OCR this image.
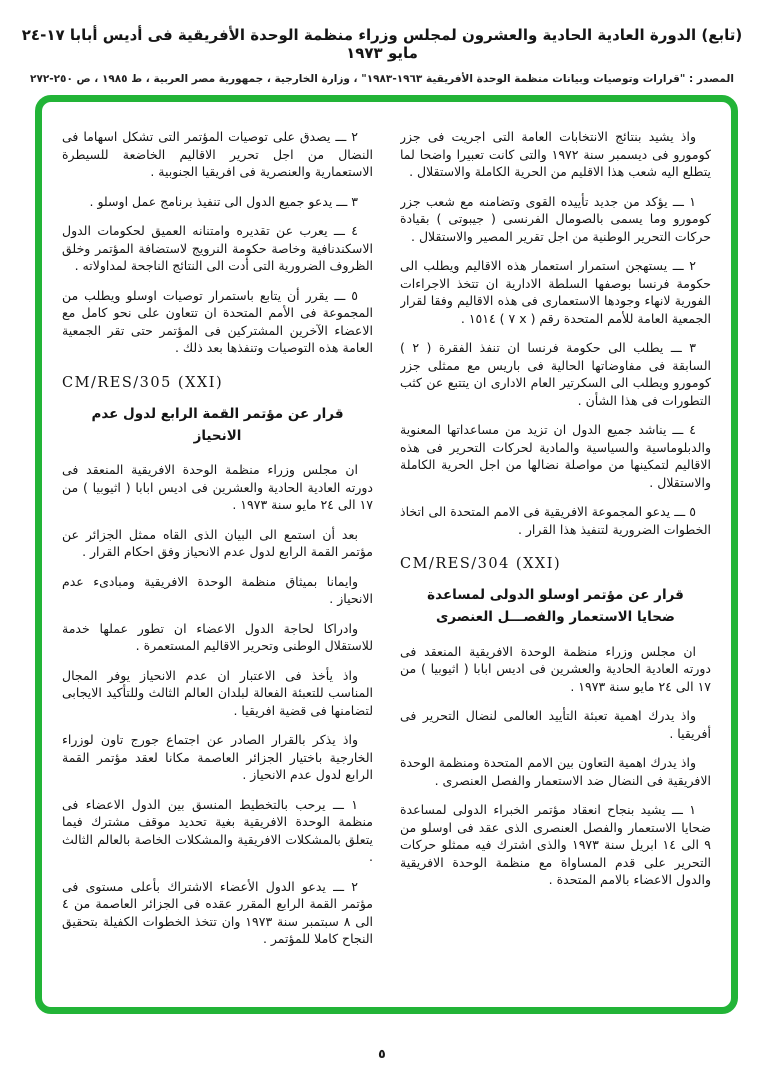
(تابع) الدورة العادية الحادية والعشرون لمجلس وزراء منظمة الوحدة الأفريقية فى أديس أبابا ١٧-٢٤ مايو ١٩٧٣
المصدر : "قرارات وتوصيات وبيانات منظمة الوحدة الأفريقية ١٩٦٣-١٩٨٣" ، وزارة الخارجية ، جمهورية مصر العربية ، ط ١٩٨٥ ، ص ٢٥٠-٢٧٢

واذ يشيد بنتائج الانتخابات العامة التى اجريت فى جزر كومورو فى ديسمبر سنة ١٩٧٢ والتى كانت تعبيرا واضحا لما يتطلع اليه شعب هذا الاقليم من الحرية الكاملة والاستقلال .

١ ـــ يؤكد من جديد تأييده القوى وتضامنه مع شعب جزر كومورو وما يسمى بالصومال الفرنسى ( جيبوتى ) بقيادة حركات التحرير الوطنية من اجل تقرير المصير والاستقلال .

٢ ـــ يستهجن استمرار استعمار هذه الاقاليم ويطلب الى حكومة فرنسا بوصفها السلطة الادارية ان تتخذ الاجراءات الفورية لانهاء وجودها الاستعمارى فى هذه الاقاليم وفقا لقرار الجمعية العامة للأمم المتحدة رقم ( x ٧ ) ١٥١٤ .

٣ ـــ يطلب الى حكومة فرنسا ان تنفذ الفقرة ( ٢ ) السابقة فى مفاوضاتها الحالية فى باريس مع ممثلى جزر كومورو ويطلب الى السكرتير العام الادارى ان يتتبع عن كثب التطورات فى هذا الشأن .

٤ ـــ يناشد جميع الدول ان تزيد من مساعداتها المعنوية والدبلوماسية والسياسية والمادية لحركات التحرير فى هذه الاقاليم لتمكينها من مواصلة نضالها من اجل الحرية الكاملة والاستقلال .

٥ ـــ يدعو المجموعة الافريقية فى الامم المتحدة الى اتخاذ الخطوات الضرورية لتنفيذ هذا القرار .

CM/RES/304 (XXI)

قرار عن مؤتمر اوسلو الدولى لمساعدة ضحايا الاستعمار والفصـــل العنصرى

ان مجلس وزراء منظمة الوحدة الافريقية المنعقد فى دورته العادية الحادية والعشرين فى اديس ابابا ( اثيوبيا ) من ١٧ الى ٢٤ مايو سنة ١٩٧٣ .

واذ يدرك اهمية تعبئة التأييد العالمى لنضال التحرير فى أفريقيا .

واذ يدرك اهمية التعاون بين الامم المتحدة ومنظمة الوحدة الافريقية فى النضال ضد الاستعمار والفصل العنصرى .

١ ـــ يشيد بنجاح انعقاد مؤتمر الخبراء الدولى لمساعدة ضحايا الاستعمار والفصل العنصرى الذى عقد فى اوسلو من ٩ الى ١٤ ابريل سنة ١٩٧٣ والذى اشترك فيه ممثلو حركات التحرير على قدم المساواة مع منظمة الوحدة الافريقية والدول الاعضاء بالامم المتحدة .

٢ ـــ يصدق على توصيات المؤتمر التى تشكل اسهاما فى النضال من اجل تحرير الاقاليم الخاضعة للسيطرة الاستعمارية والعنصرية فى افريقيا الجنوبية .

٣ ـــ يدعو جميع الدول الى تنفيذ برنامج عمل اوسلو .

٤ ـــ يعرب عن تقديره وامتنانه العميق لحكومات الدول الاسكندنافية وخاصة حكومة النرويج لاستضافة المؤتمر وخلق الظروف الضرورية التى أدت الى النتائج الناجحة لمداولاته .

٥ ـــ يقرر أن يتابع باستمرار توصيات اوسلو ويطلب من المجموعة فى الأمم المتحدة ان تتعاون على نحو كامل مع الاعضاء الآخرين المشتركين فى المؤتمر حتى تقر الجمعية العامة هذه التوصيات وتنفذها بعد ذلك .

CM/RES/305 (XXI)

قرار عن مؤتمر القمة الرابع لدول عدم الانحياز

ان مجلس وزراء منظمة الوحدة الافريقية المنعقد فى دورته العادية الحادية والعشرين فى اديس ابابا ( اثيوبيا ) من ١٧ الى ٢٤ مايو سنة ١٩٧٣ .

بعد أن استمع الى البيان الذى القاه ممثل الجزائر عن مؤتمر القمة الرابع لدول عدم الانحياز وفق احكام القرار .

وايمانا بميثاق منظمة الوحدة الافريقية ومبادىء عدم الانحياز .

وادراكا لحاجة الدول الاعضاء ان تطور عملها خدمة للاستقلال الوطنى وتحرير الاقاليم المستعمرة .

واذ يأخذ فى الاعتبار ان عدم الانحياز يوفر المجال المناسب للتعبئة الفعالة لبلدان العالم الثالث وللتأكيد الايجابى لتضامنها فى قضية افريقيا .

واذ يذكر بالقرار الصادر عن اجتماع جورج تاون لوزراء الخارجية باختيار الجزائر العاصمة مكانا لعقد مؤتمر القمة الرابع لدول عدم الانحياز .

١ ـــ يرحب بالتخطيط المنسق بين الدول الاعضاء فى منظمة الوحدة الافريقية بغية تحديد موقف مشترك فيما يتعلق بالمشكلات الافريقية والمشكلات الخاصة بالعالم الثالث .

٢ ـــ يدعو الدول الأعضاء الاشتراك بأعلى مستوى فى مؤتمر القمة الرابع المقرر عقده فى الجزائر العاصمة من ٤ الى ٨ سبتمبر سنة ١٩٧٣ وان تتخذ الخطوات الكفيلة بتحقيق النجاح كاملا للمؤتمر .

٥
